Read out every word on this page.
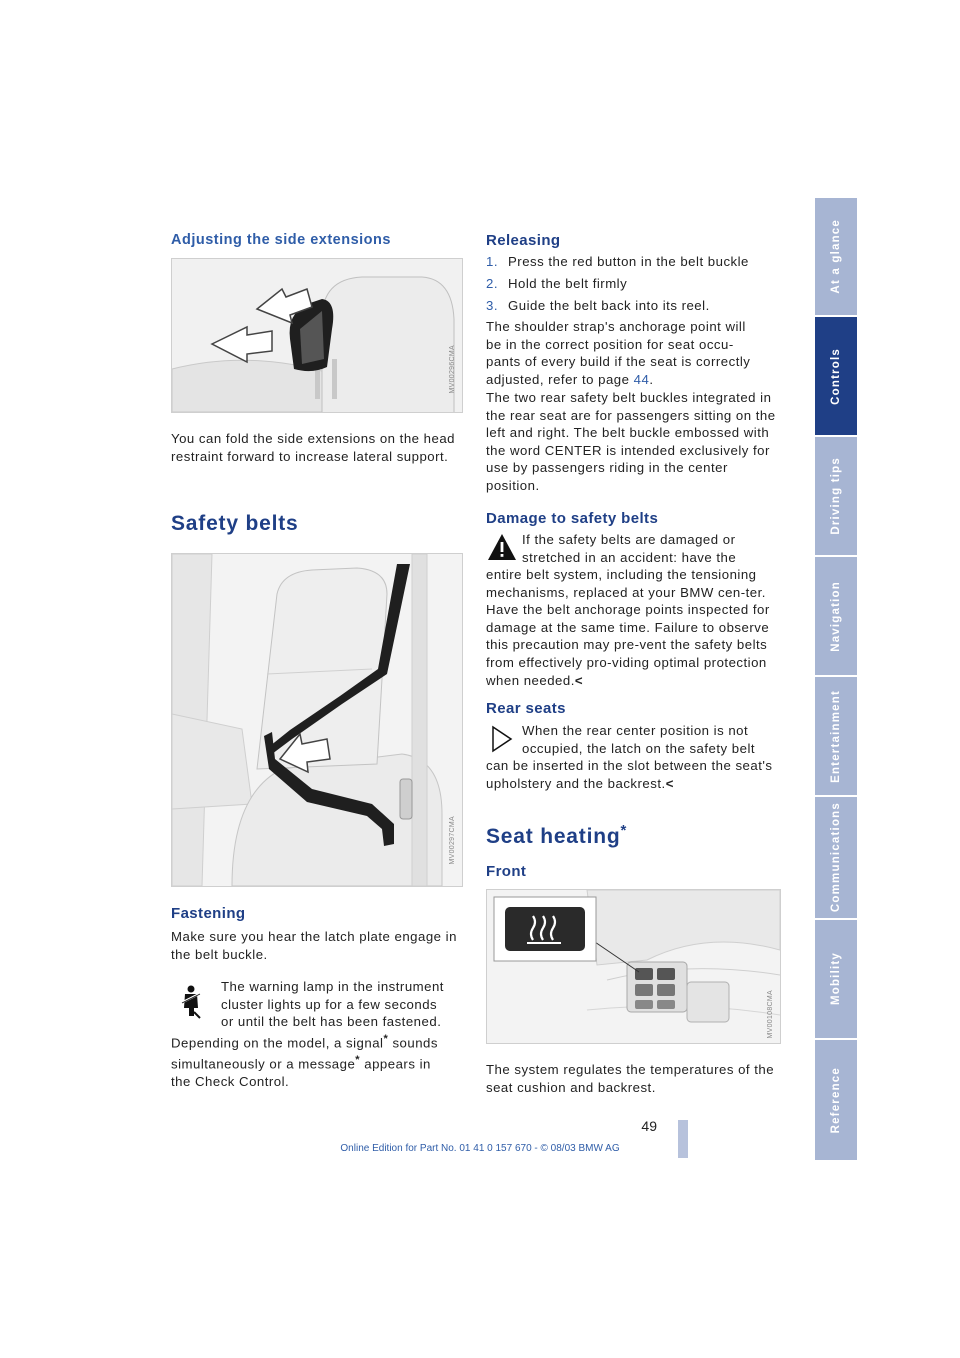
Adjusting the side extensions
MV00296CMA
You can fold the side extensions on the head restraint forward to increase lateral support.
Safety belts
MV00297CMA
Fastening
Make sure you hear the latch plate engage in the belt buckle.

The warning lamp in the instrument

cluster lights up for a few seconds

or until the belt has been fastened.

Depending on the model, a signal* sounds

simultaneously or a message* appears in

the Check Control.

Releasing

1. Press the red button in the belt buckle

2. Hold the belt firmly

3. Guide the belt back into its reel.

The shoulder strap's anchorage point will

be in the correct position for seat occu-

pants of every build if the seat is correctly

adjusted, refer to page 44.

The two rear safety belt buckles integrated in the rear seat are for passengers sitting on the left and right. The belt buckle embossed with the word CENTER is intended exclusively for use by passengers riding in the center position.
Damage to safety belts

If the safety belts are damaged or

stretched in an accident: have the

entire belt system, including the tensioning mechanisms, replaced at your BMW cen-ter. Have the belt anchorage points inspected for damage at the same time. Failure to observe this precaution may pre-vent the safety belts from effectively pro-viding optimal protection when needed.<
Rear seats

When the rear center position is not

occupied, the latch on the safety belt

can be inserted in the slot between the seat's upholstery and the backrest.<
Seat heating*
Front
MV00108CMA
The system regulates the temperatures of the seat cushion and backrest.
49
Online Edition for Part No. 01 41 0 157 670 - © 08/03 BMW AG
At a glance
Controls
Driving tips
Navigation
Entertainment
Communications
Mobility
Reference
